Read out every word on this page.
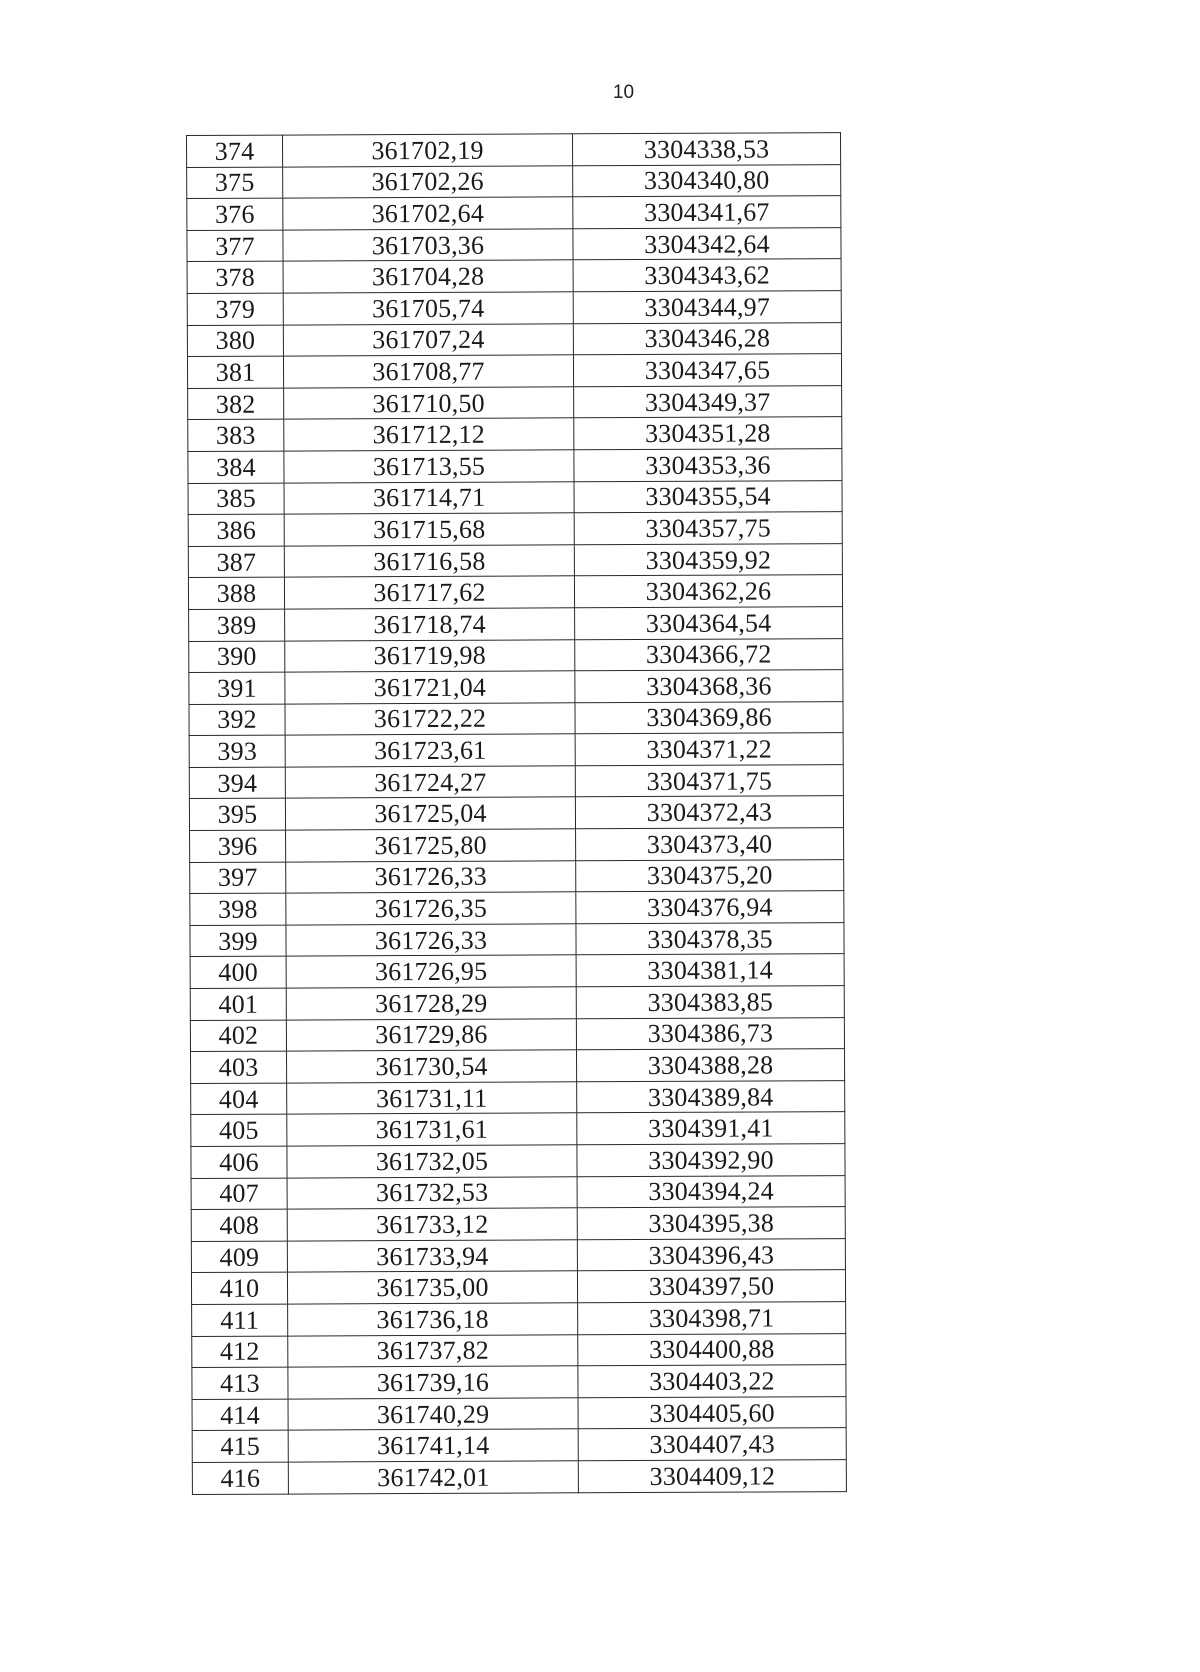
10
374	361702,19	3304338,53
375	361702,26	3304340,80
376	361702,64	3304341,67
377	361703,36	3304342,64
378	361704,28	3304343,62
379	361705,74	3304344,97
380	361707,24	3304346,28
381	361708,77	3304347,65
382	361710,50	3304349,37
383	361712,12	3304351,28
384	361713,55	3304353,36
385	361714,71	3304355,54
386	361715,68	3304357,75
387	361716,58	3304359,92
388	361717,62	3304362,26
389	361718,74	3304364,54
390	361719,98	3304366,72
391	361721,04	3304368,36
392	361722,22	3304369,86
393	361723,61	3304371,22
394	361724,27	3304371,75
395	361725,04	3304372,43
396	361725,80	3304373,40
397	361726,33	3304375,20
398	361726,35	3304376,94
399	361726,33	3304378,35
400	361726,95	3304381,14
401	361728,29	3304383,85
402	361729,86	3304386,73
403	361730,54	3304388,28
404	361731,11	3304389,84
405	361731,61	3304391,41
406	361732,05	3304392,90
407	361732,53	3304394,24
408	361733,12	3304395,38
409	361733,94	3304396,43
410	361735,00	3304397,50
411	361736,18	3304398,71
412	361737,82	3304400,88
413	361739,16	3304403,22
414	361740,29	3304405,60
415	361741,14	3304407,43
416	361742,01	3304409,12
